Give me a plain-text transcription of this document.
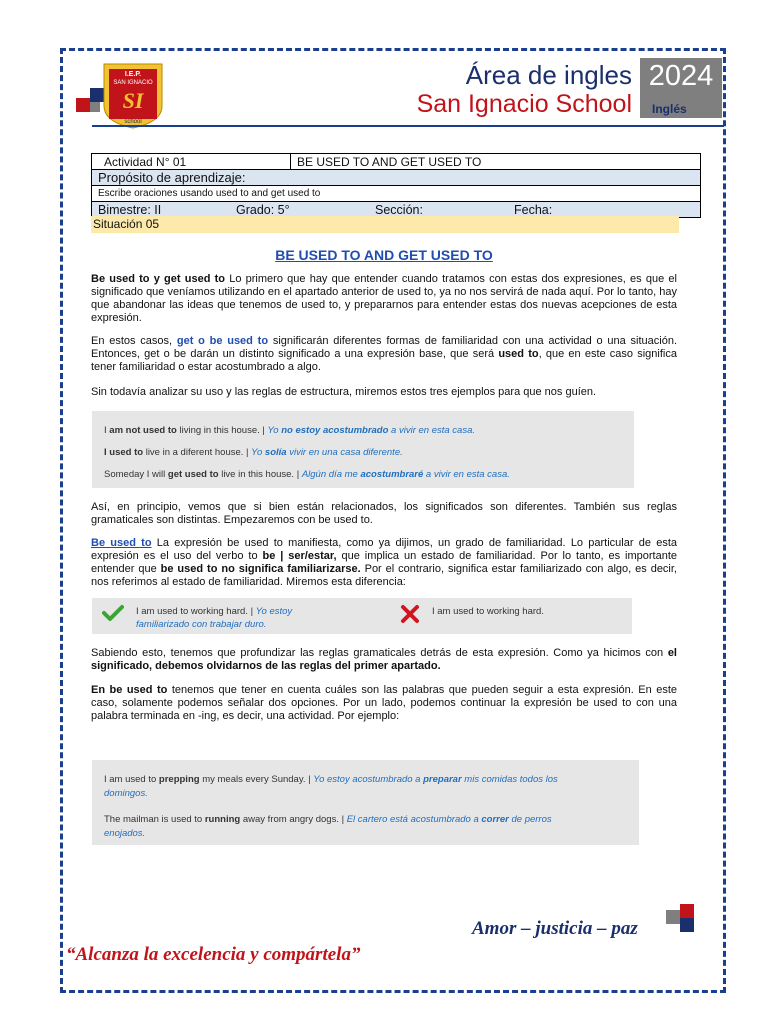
I.E.P.
SAN IGNACIO
SI
school
Área de ingles
San Ignacio School
2024
Inglés
Actividad N° 01	BE USED TO AND GET USED TO
Propósito de aprendizaje:
Escribe oraciones usando used to and get used to
Bimestre: II	Grado: 5°	Sección:	Fecha:
Situación 05
BE USED TO AND GET USED TO
Be used to y get used to Lo primero que hay que entender cuando tratamos con estas dos expresiones, es que el significado que veníamos utilizando en el apartado anterior de used to, ya no nos servirá de nada aquí. Por lo tanto, hay que abandonar las ideas que tenemos de used to, y prepararnos para entender estas dos nuevas acepciones de esta expresión.
En estos casos, get o be used to significarán diferentes formas de familiaridad con una actividad o una situación. Entonces, get o be darán un distinto significado a una expresión base, que será used to, que en este caso significa tener familiaridad o estar acostumbrado a algo.
Sin todavía analizar su uso y las reglas de estructura, miremos estos tres ejemplos para que nos guíen.
I am not used to living in this house. | Yo no estoy acostumbrado a vivir en esta casa.
I used to live in a diferent house. | Yo solía vivir en una casa diferente.
Someday I will get used to live in this house. | Algún día me acostumbraré a vivir en esta casa.
Así, en principio, vemos que si bien están relacionados, los significados son diferentes. También sus reglas gramaticales son distintas. Empezaremos con be used to.
Be used to La expresión be used to manifiesta, como ya dijimos, un grado de familiaridad. Lo particular de esta expresión es el uso del verbo to be | ser/estar, que implica un estado de familiaridad. Por lo tanto, es importante entender que be used to no significa familiarizarse. Por el contrario, significa estar familiarizado con algo, es decir, nos referimos al estado de familiaridad. Miremos esta diferencia:
I am used to working hard. | Yo estoy
familiarizado con trabajar duro.
I am used to working hard.
Sabiendo esto, tenemos que profundizar las reglas gramaticales detrás de esta expresión. Como ya hicimos con el significado, debemos olvidarnos de las reglas del primer apartado.
En be used to tenemos que tener en cuenta cuáles son las palabras que pueden seguir a esta expresión. En este caso, solamente podemos señalar dos opciones. Por un lado, podemos continuar la expresión be used to con una palabra terminada en -ing, es decir, una actividad. Por ejemplo:
I am used to prepping my meals every Sunday. | Yo estoy acostumbrado a preparar mis comidas todos los
domingos.
The mailman is used to running away from angry dogs. | El cartero está acostumbrado a correr de perros
enojados.
Amor – justicia – paz
“Alcanza la excelencia y compártela”
